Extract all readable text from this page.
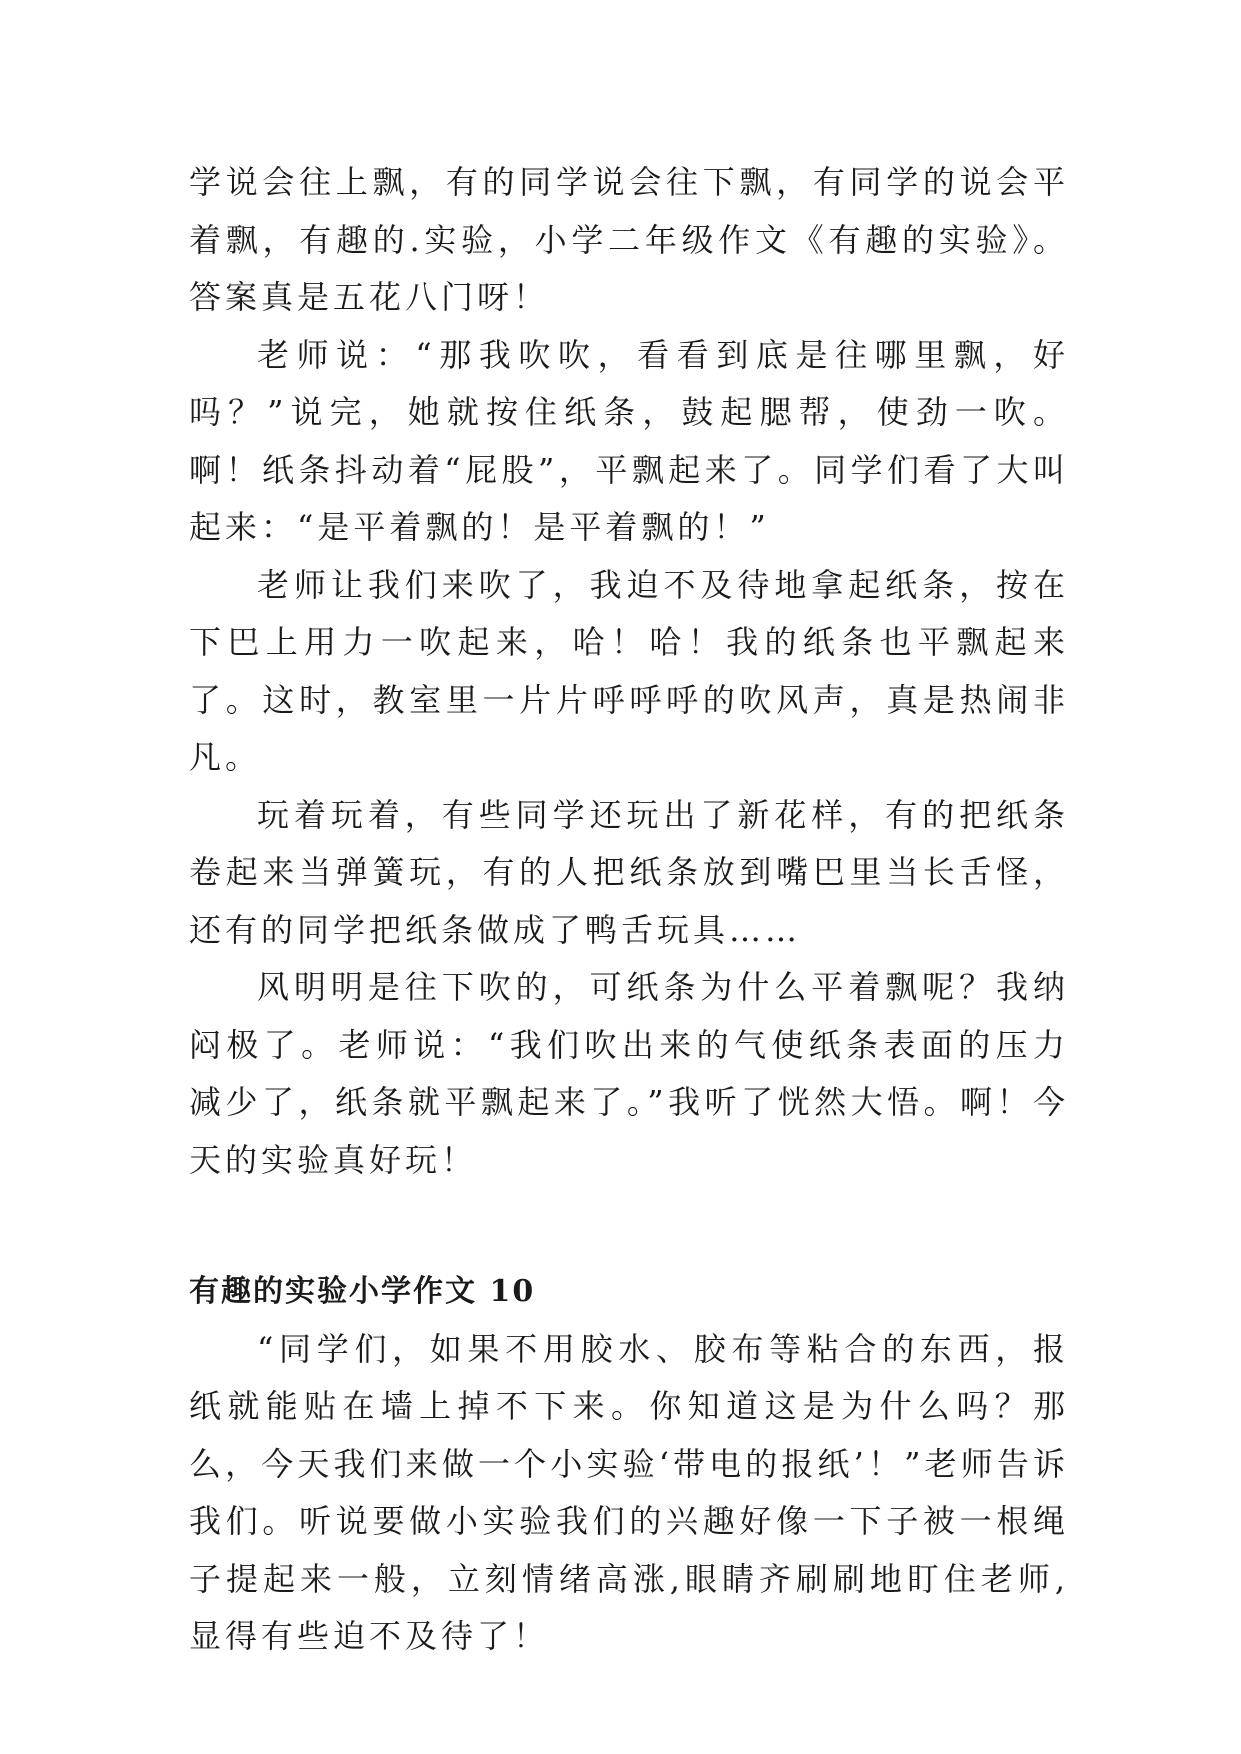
学说会往上飘，有的同学说会往下飘，有同学的说会平着飘，有趣的.实验，小学二年级作文《有趣的实验》。答案真是五花八门呀！

老师说：“那我吹吹，看看到底是往哪里飘，好吗？”说完，她就按住纸条，鼓起腮帮，使劲一吹。啊！纸条抖动着“屁股”，平飘起来了。同学们看了大叫起来：“是平着飘的！是平着飘的！”

老师让我们来吹了，我迫不及待地拿起纸条，按在下巴上用力一吹起来，哈！哈！我的纸条也平飘起来了。这时，教室里一片片呼呼呼的吹风声，真是热闹非凡。

玩着玩着，有些同学还玩出了新花样，有的把纸条卷起来当弹簧玩，有的人把纸条放到嘴巴里当长舌怪，还有的同学把纸条做成了鸭舌玩具……

风明明是往下吹的，可纸条为什么平着飘呢？我纳闷极了。老师说：“我们吹出来的气使纸条表面的压力减少了，纸条就平飘起来了。”我听了恍然大悟。啊！今天的实验真好玩！

有趣的实验小学作文 10

“同学们，如果不用胶水、胶布等粘合的东西，报纸就能贴在墙上掉不下来。你知道这是为什么吗？那么，今天我们来做一个小实验‘带电的报纸’！”老师告诉我们。听说要做小实验我们的兴趣好像一下子被一根绳子提起来一般，立刻情绪高涨,眼睛齐刷刷地盯住老师,显得有些迫不及待了！
